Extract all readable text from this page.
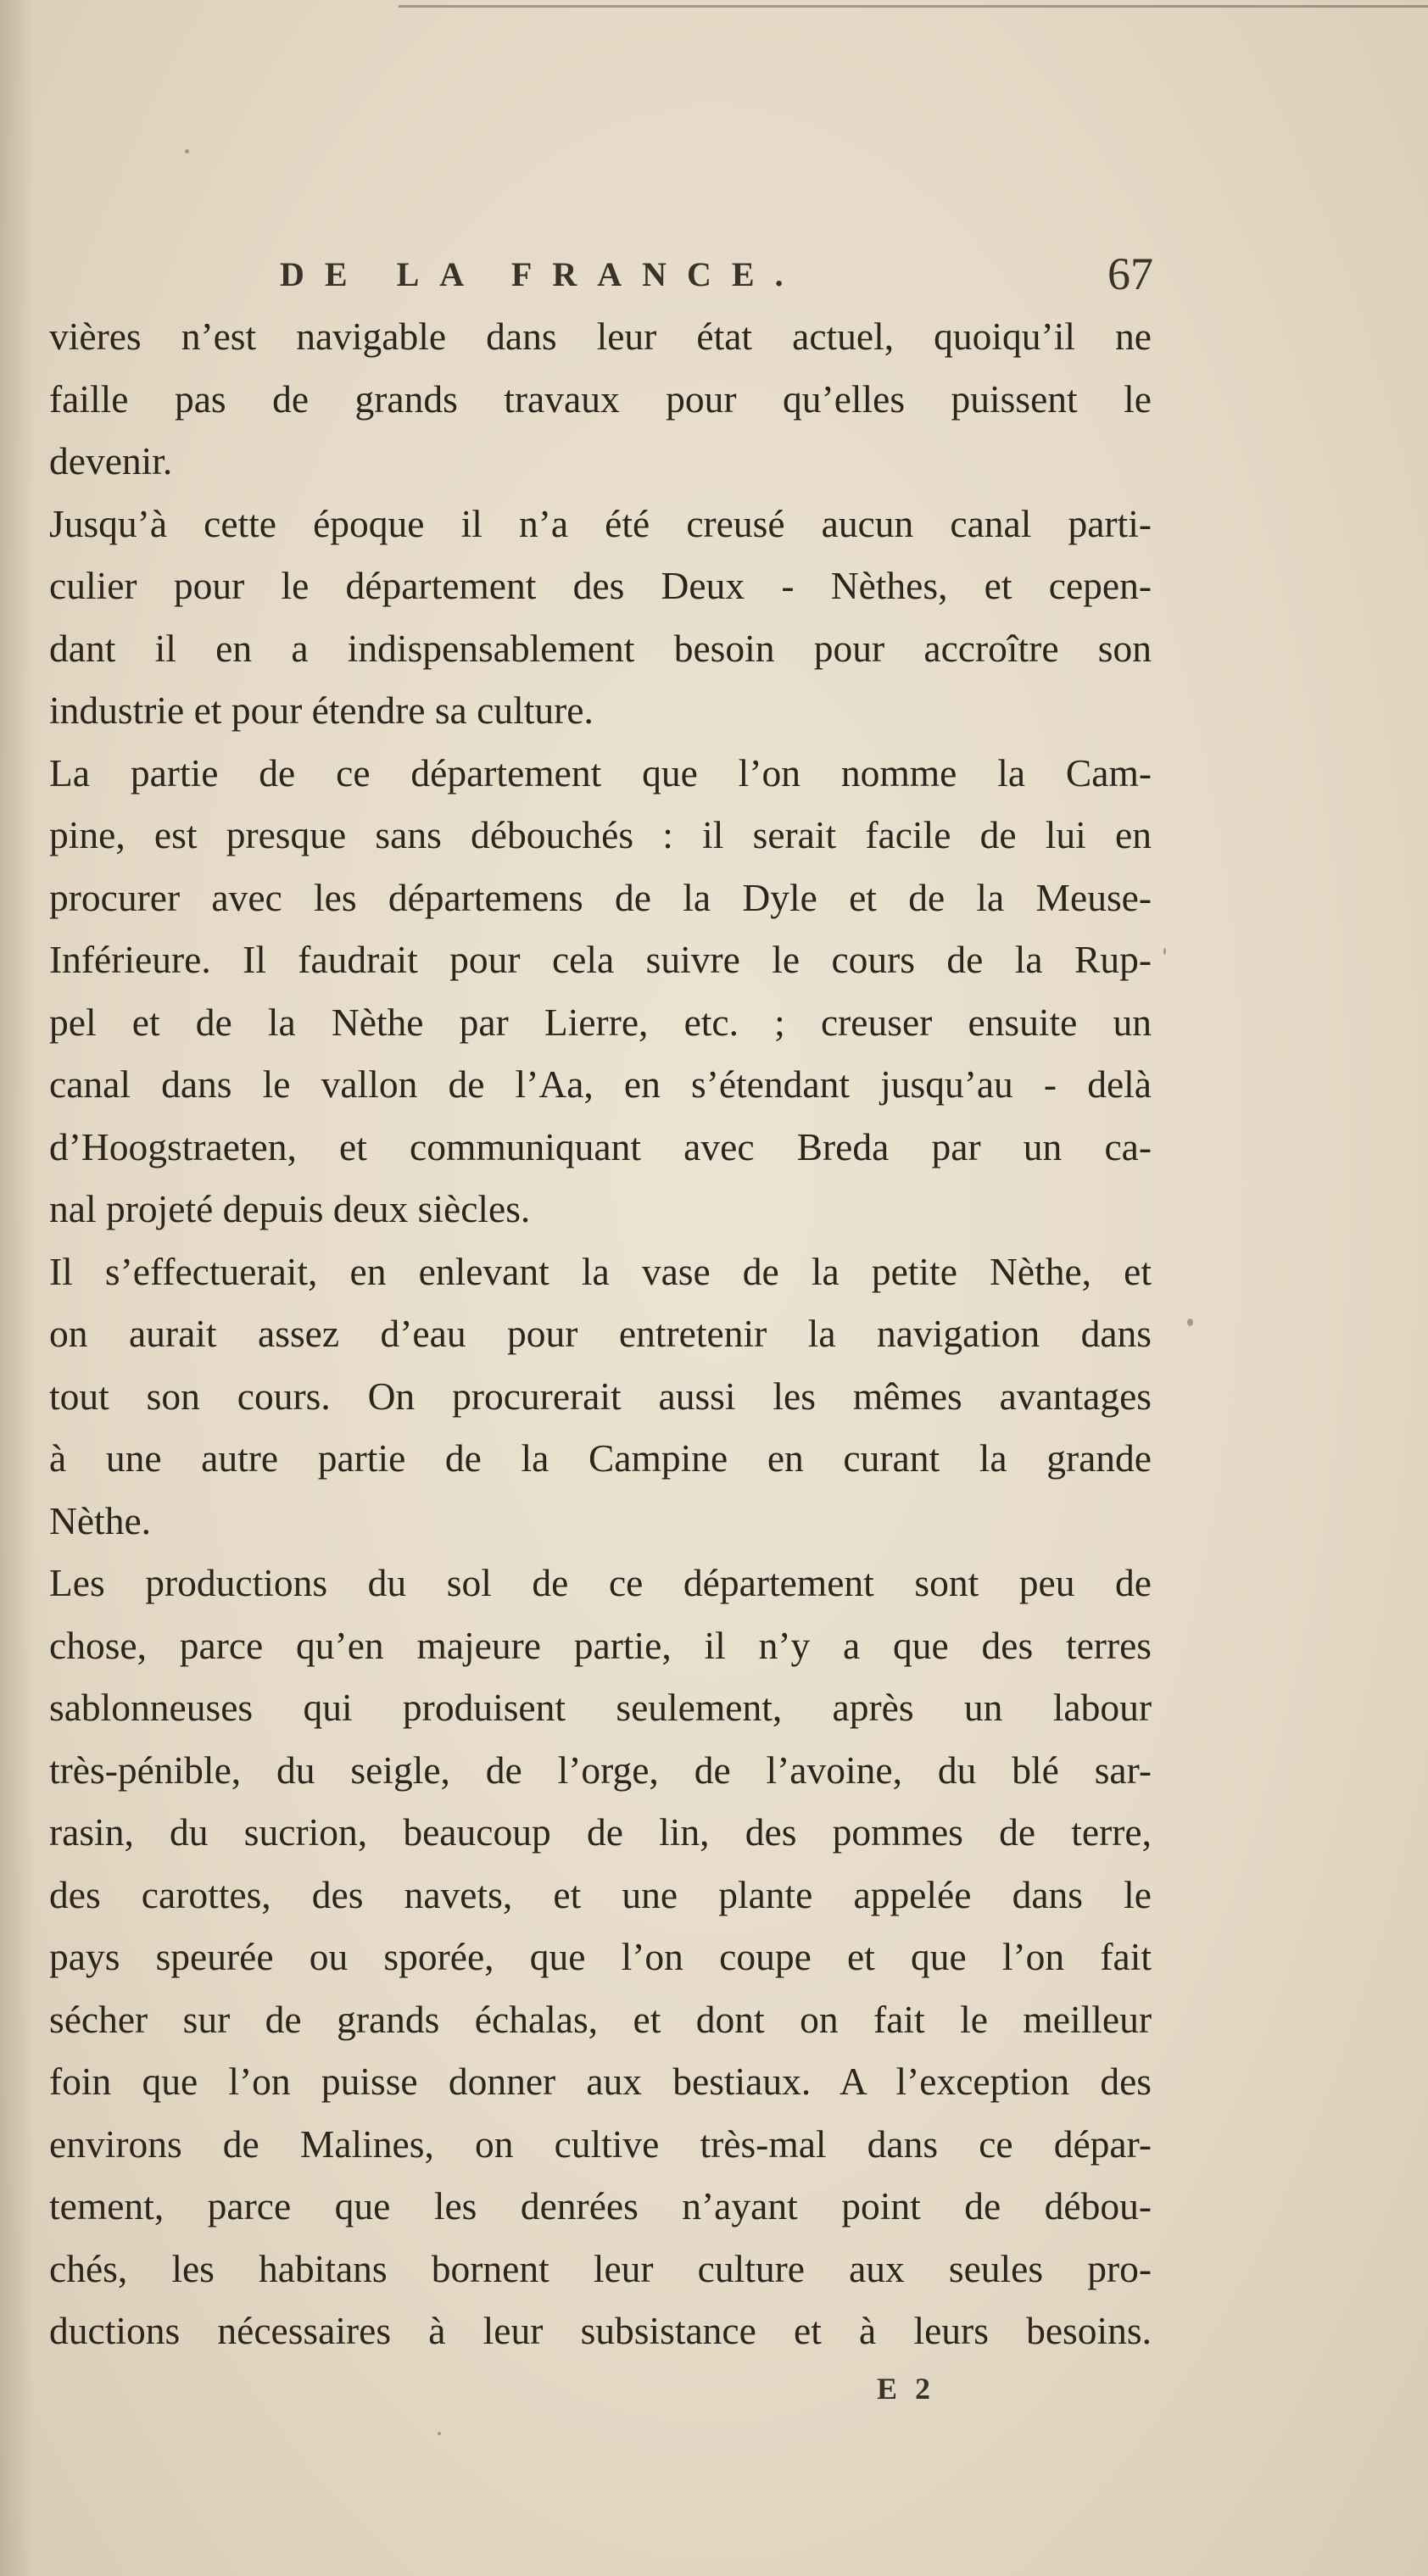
DE LA FRANCE.	67
vières n’est navigable dans leur état actuel, quoiqu’il ne
faille pas de grands travaux pour qu’elles puissent le
devenir.
Jusqu’à cette époque il n’a été creusé aucun canal parti-
culier pour le département des Deux - Nèthes, et cepen-
dant il en a indispensablement besoin pour accroître son
industrie et pour étendre sa culture.
La partie de ce département que l’on nomme la Cam-
pine, est presque sans débouchés : il serait facile de lui en
procurer avec les départemens de la Dyle et de la Meuse-
Inférieure. Il faudrait pour cela suivre le cours de la Rup-
pel et de la Nèthe par Lierre, etc. ; creuser ensuite un
canal dans le vallon de l’Aa, en s’étendant jusqu’au - delà
d’Hoogstraeten, et communiquant avec Breda par un ca-
nal projeté depuis deux siècles.
Il s’effectuerait, en enlevant la vase de la petite Nèthe, et
on aurait assez d’eau pour entretenir la navigation dans
tout son cours. On procurerait aussi les mêmes avantages
à une autre partie de la Campine en curant la grande
Nèthe.
Les productions du sol de ce département sont peu de
chose, parce qu’en majeure partie, il n’y a que des terres
sablonneuses qui produisent seulement, après un labour
très-pénible, du seigle, de l’orge, de l’avoine, du blé sar-
rasin, du sucrion, beaucoup de lin, des pommes de terre,
des carottes, des navets, et une plante appelée dans le
pays speurée ou sporée, que l’on coupe et que l’on fait
sécher sur de grands échalas, et dont on fait le meilleur
foin que l’on puisse donner aux bestiaux. A l’exception des
environs de Malines, on cultive très-mal dans ce dépar-
tement, parce que les denrées n’ayant point de débou-
chés, les habitans bornent leur culture aux seules pro-
ductions nécessaires à leur subsistance et à leurs besoins.
E 2
